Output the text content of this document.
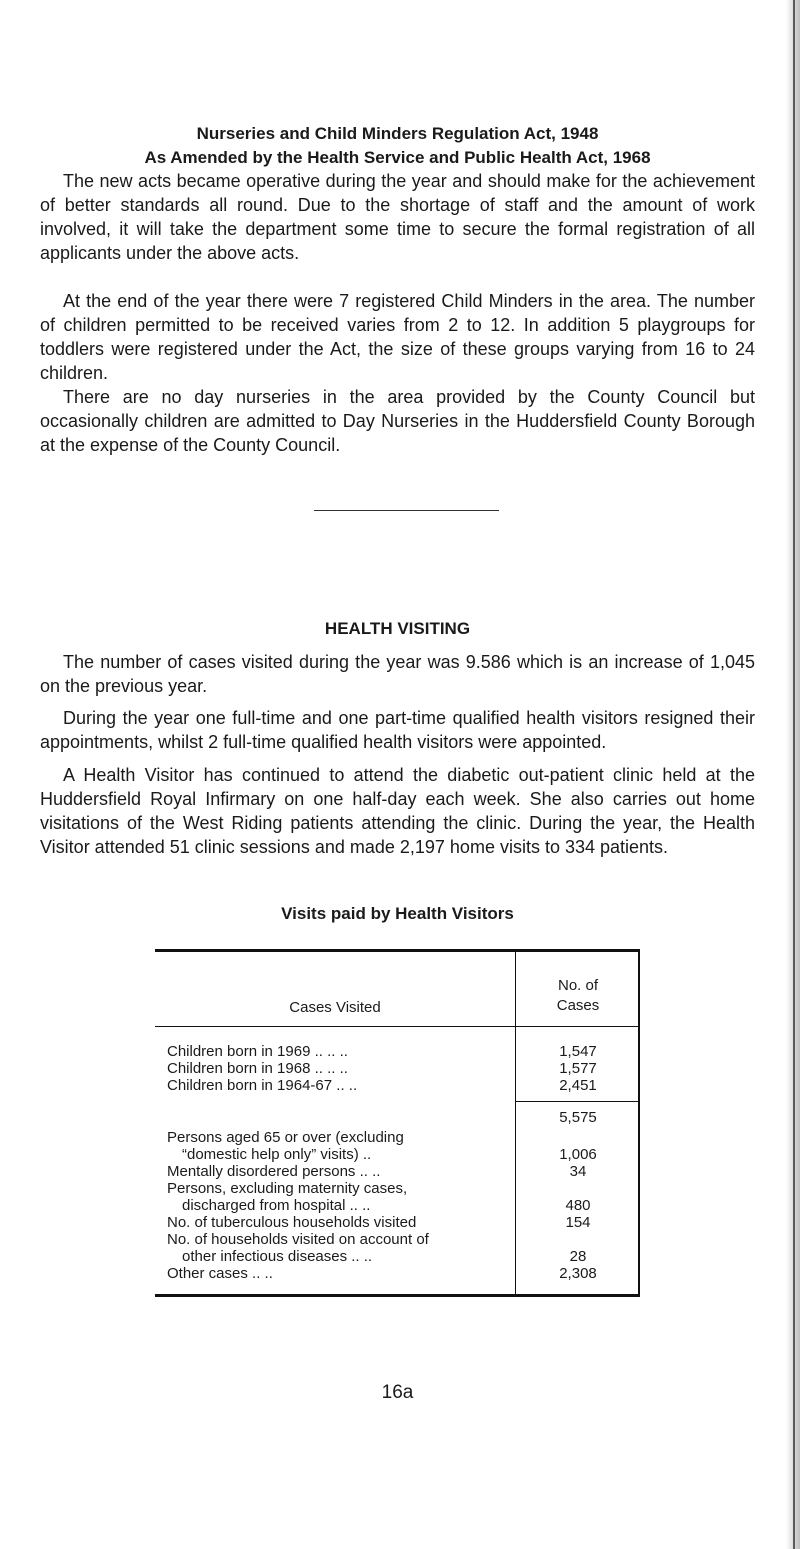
Nurseries and Child Minders Regulation Act, 1948
As Amended by the Health Service and Public Health Act, 1968

The new acts became operative during the year and should make for the achievement of better standards all round. Due to the shortage of staff and the amount of work involved, it will take the department some time to secure the formal registration of all applicants under the above acts.

At the end of the year there were 7 registered Child Minders in the area. The number of children permitted to be received varies from 2 to 12. In addition 5 playgroups for toddlers were registered under the Act, the size of these groups varying from 16 to 24 children.

There are no day nurseries in the area provided by the County Council but occasionally children are admitted to Day Nurseries in the Huddersfield County Borough at the expense of the County Council.

HEALTH VISITING

The number of cases visited during the year was 9.586 which is an increase of 1,045 on the previous year.

During the year one full-time and one part-time qualified health visitors resigned their appointments, whilst 2 full-time qualified health visitors were appointed.

A Health Visitor has continued to attend the diabetic out-patient clinic held at the Huddersfield Royal Infirmary on one half-day each week. She also carries out home visitations of the West Riding patients attending the clinic. During the year, the Health Visitor attended 51 clinic sessions and made 2,197 home visits to 334 patients.

Visits paid by Health Visitors
Cases Visited
No. of
Cases
Children born in 1969 .. .. ..	1,547
Children born in 1968 .. .. ..	1,577
Children born in 1964-67 .. ..	2,451
5,575
Persons aged 65 or over (excluding
“domestic help only” visits) ..	1,006
Mentally disordered persons .. ..	34
Persons, excluding maternity cases,
discharged from hospital .. ..	480
No. of tuberculous households visited	154
No. of households visited on account of
other infectious diseases .. ..	28
Other cases .. ..	2,308
16a
